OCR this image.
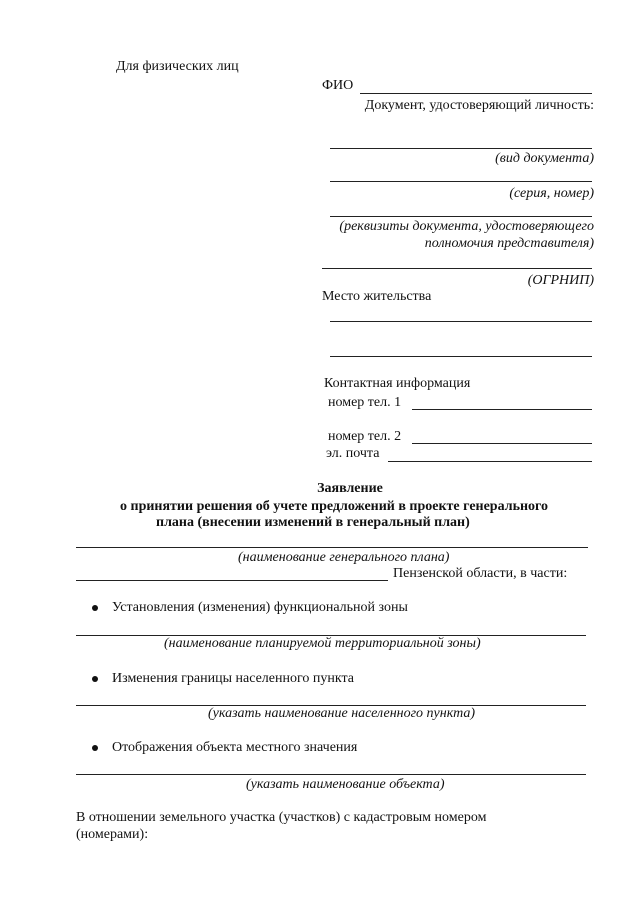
Для физических лиц
ФИО
Документ, удостоверяющий личность:
(вид документа)
(серия, номер)
(реквизиты документа, удостоверяющего
полномочия представителя)
(ОГРНИП)
Место жительства
Контактная информация
номер тел. 1
номер тел. 2
эл. почта
Заявление
о принятии решения об учете предложений в проекте генерального
плана (внесении изменений в генеральный план)
(наименование генерального плана)
Пензенской области, в части:
Установления (изменения) функциональной зоны
(наименование планируемой территориальной зоны)
Изменения границы населенного пункта
(указать наименование населенного пункта)
Отображения объекта местного значения
(указать наименование объекта)
В отношении земельного участка (участков) с кадастровым номером
(номерами):
